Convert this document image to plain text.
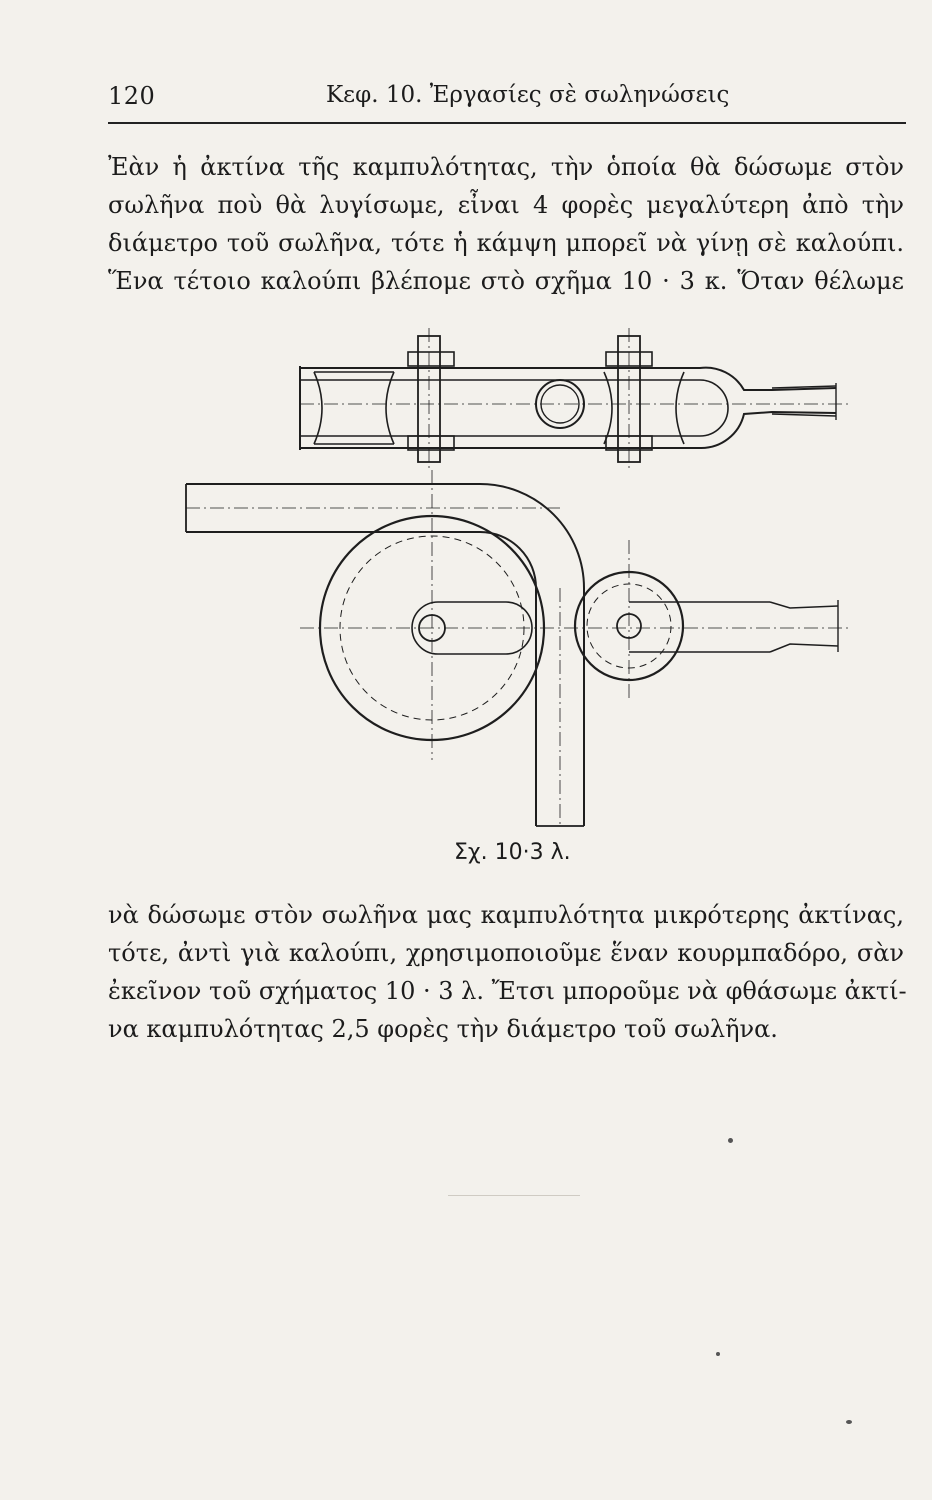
120	Κεφ. 10. Ἐργασίες σὲ σωληνώσεις

Ἐὰν ἡ ἀκτίνα τῆς καμπυλότητας, τὴν ὁποία θὰ δώσωμε στὸν
σωλῆνα ποὺ θὰ λυγίσωμε, εἶναι 4 φορὲς μεγαλύτερη ἀπὸ τὴν
διάμετρο τοῦ σωλῆνα, τότε ἡ κάμψη μπορεῖ νὰ γίνῃ σὲ καλούπι.
Ἕνα τέτοιο καλούπι βλέπομε στὸ σχῆμα 10 · 3 κ. Ὅταν θέλωμε

Σχ. 10·3 λ.

νὰ δώσωμε στὸν σωλῆνα μας καμπυλότητα μικρότερης ἀκτίνας,
τότε, ἀντὶ γιὰ καλούπι, χρησιμοποιοῦμε ἕναν κουρμπαδόρο, σὰν
ἐκεῖνον τοῦ σχήματος 10 · 3 λ. Ἔτσι μποροῦμε νὰ φθάσωμε ἀκτί-
να καμπυλότητας 2,5 φορὲς τὴν διάμετρο τοῦ σωλῆνα.
